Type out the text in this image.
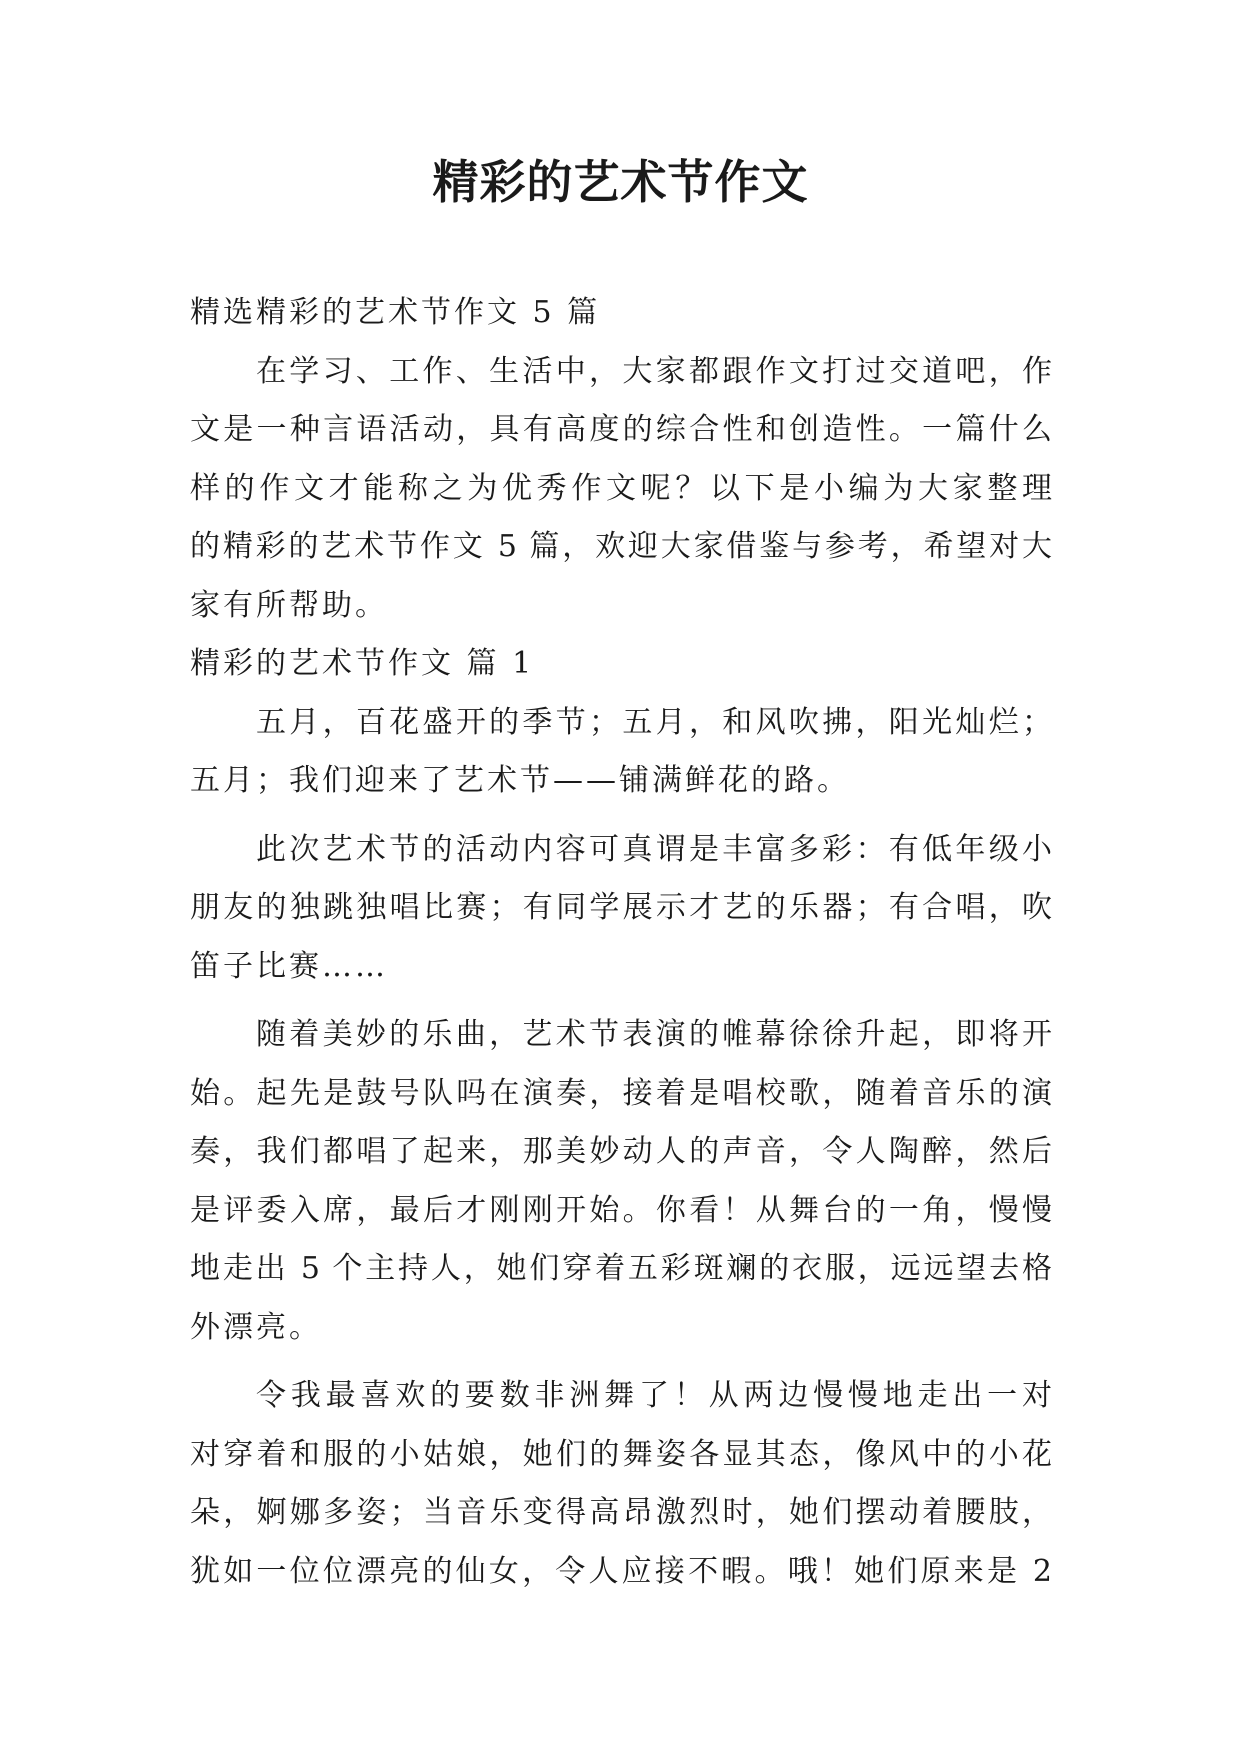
精彩的艺术节作文

精选精彩的艺术节作文 5 篇

在学习、工作、生活中，大家都跟作文打过交道吧，作

文是一种言语活动，具有高度的综合性和创造性。一篇什么

样的作文才能称之为优秀作文呢？以下是小编为大家整理

的精彩的艺术节作文 5 篇，欢迎大家借鉴与参考，希望对大

家有所帮助。

精彩的艺术节作文 篇 1

五月，百花盛开的季节；五月，和风吹拂，阳光灿烂；

五月；我们迎来了艺术节——铺满鲜花的路。

此次艺术节的活动内容可真谓是丰富多彩：有低年级小

朋友的独跳独唱比赛；有同学展示才艺的乐器；有合唱，吹

笛子比赛……

随着美妙的乐曲，艺术节表演的帷幕徐徐升起，即将开

始。起先是鼓号队吗在演奏，接着是唱校歌，随着音乐的演

奏，我们都唱了起来，那美妙动人的声音，令人陶醉，然后

是评委入席，最后才刚刚开始。你看！从舞台的一角，慢慢

地走出 5 个主持人，她们穿着五彩斑斓的衣服，远远望去格

外漂亮。

令我最喜欢的要数非洲舞了！从两边慢慢地走出一对

对穿着和服的小姑娘，她们的舞姿各显其态，像风中的小花

朵，婀娜多姿；当音乐变得高昂激烈时，她们摆动着腰肢，

犹如一位位漂亮的仙女，令人应接不暇。哦！她们原来是 2
